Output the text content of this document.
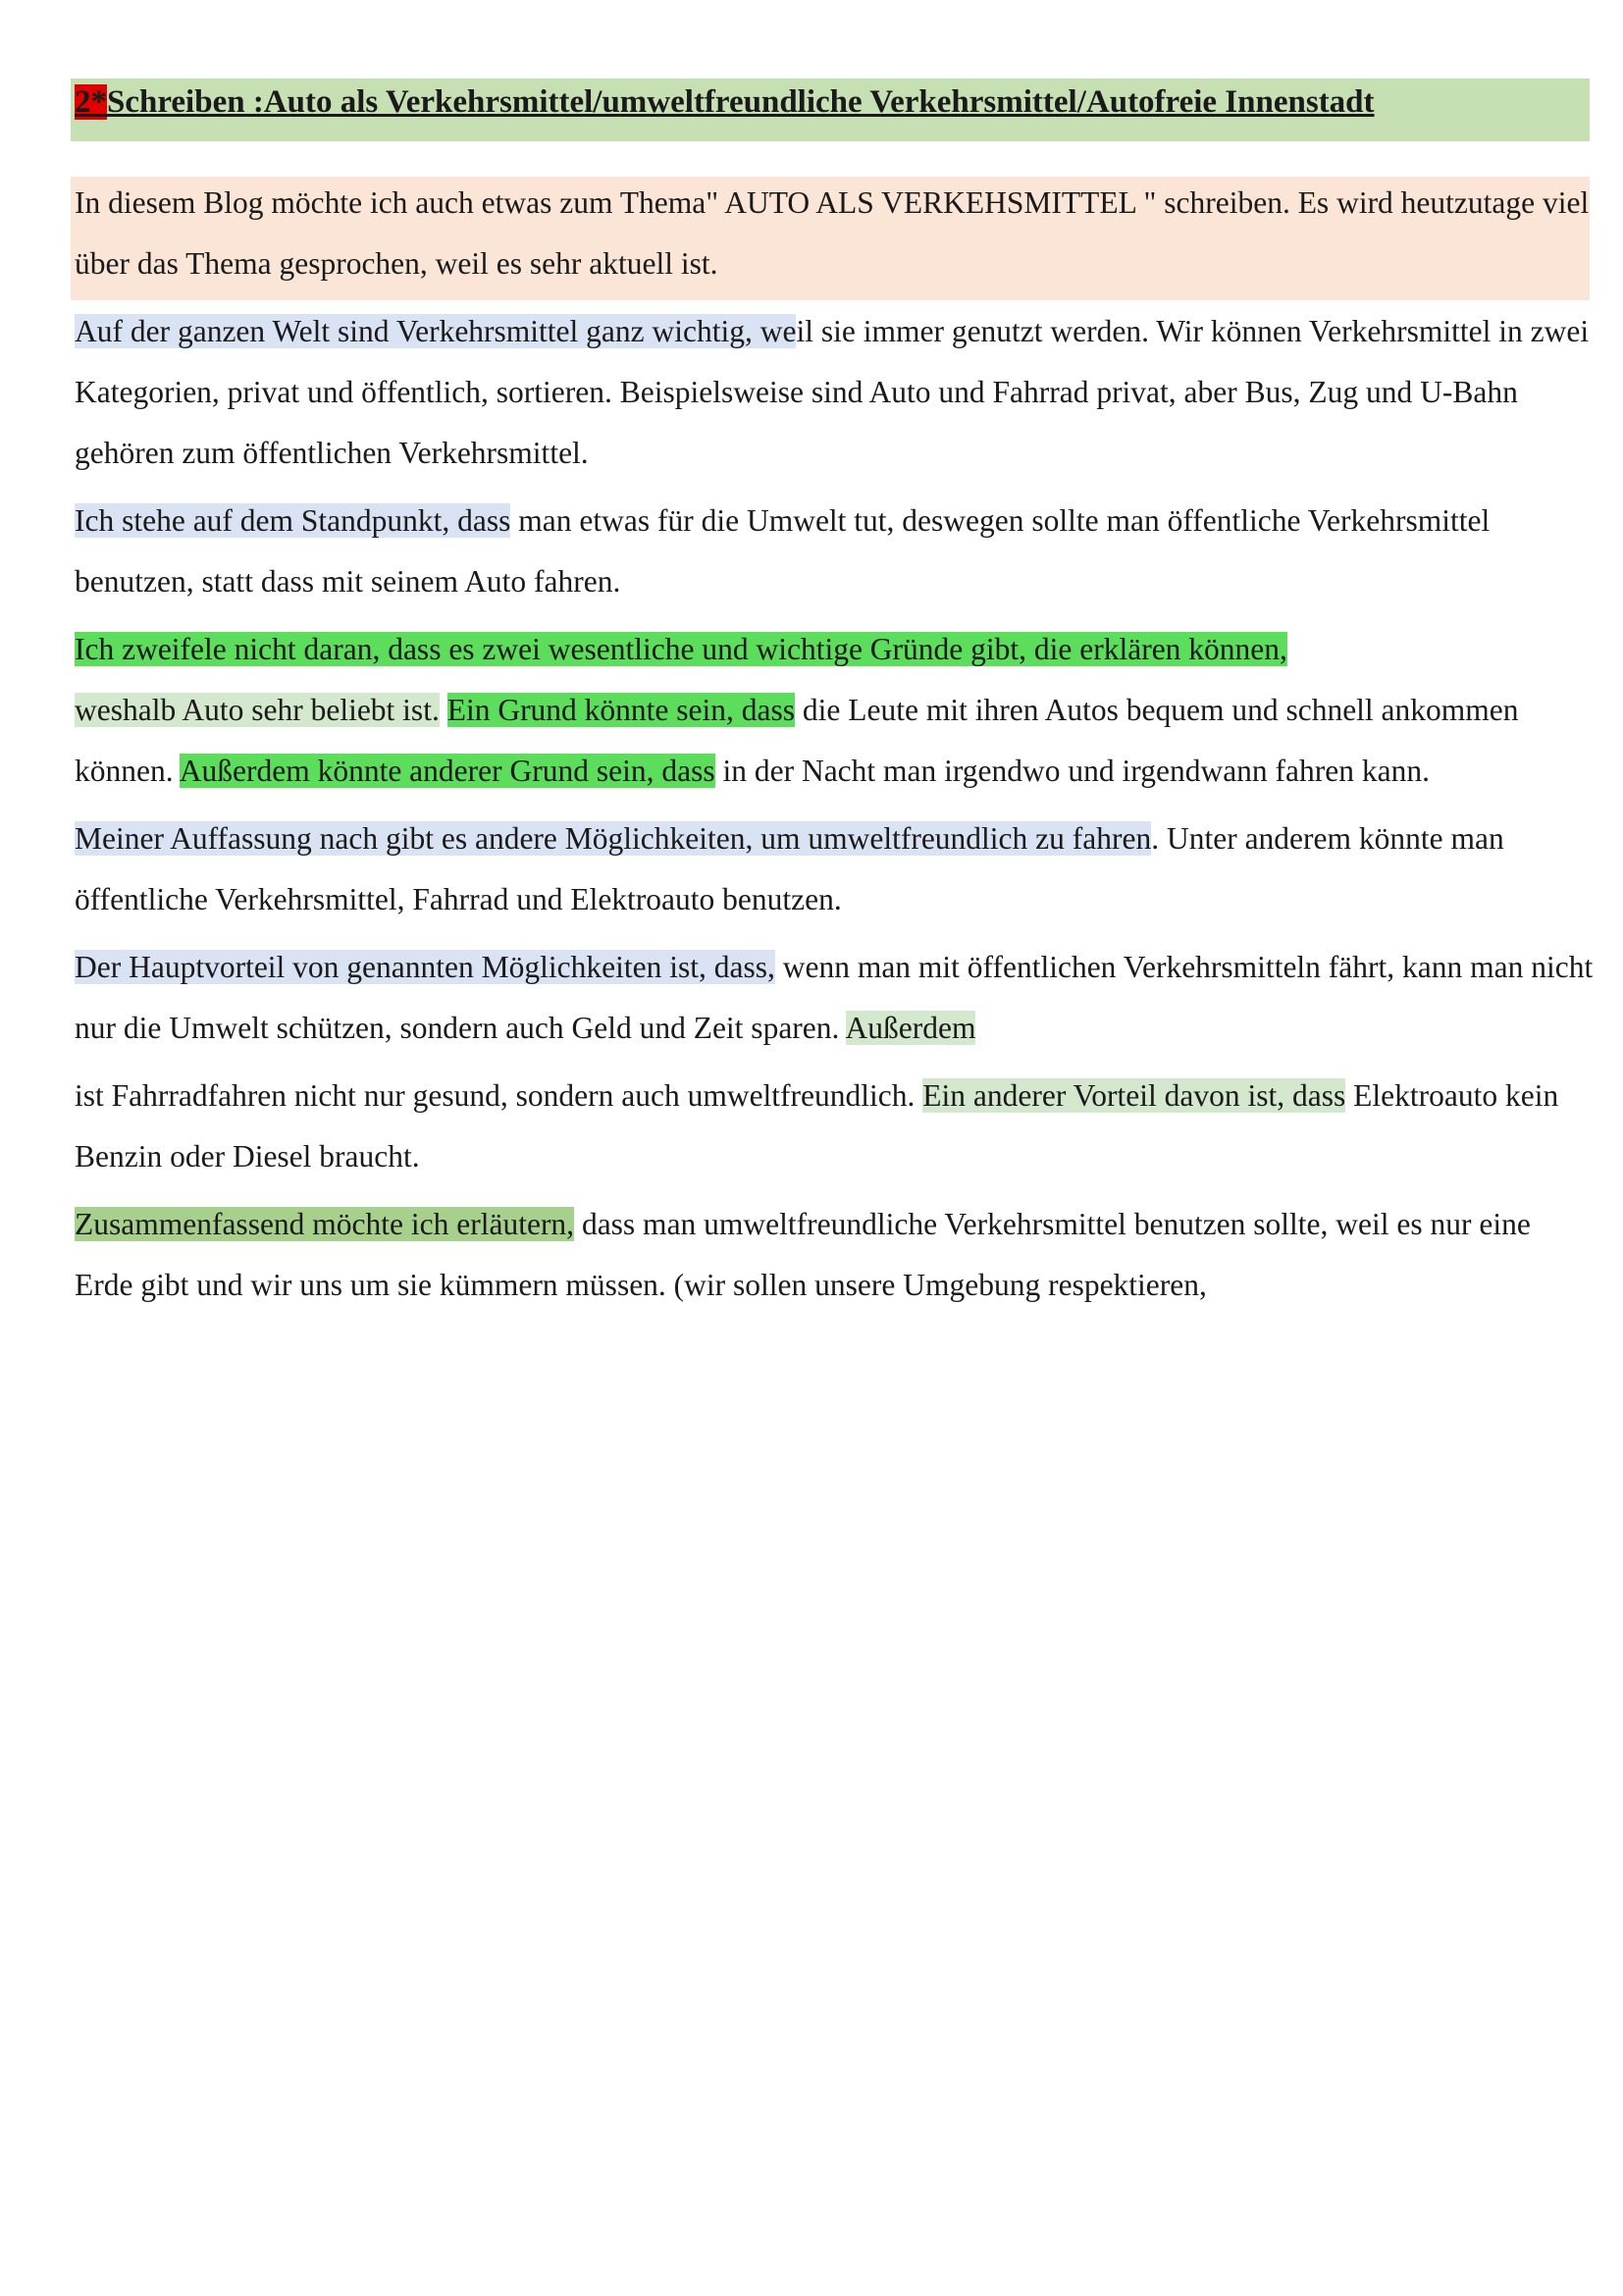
2*Schreiben :Auto als Verkehrsmittel/umweltfreundliche Verkehrsmittel/Autofreie Innenstadt

In diesem Blog möchte ich auch etwas zum Thema" AUTO ALS VERKEHSMITTEL " schreiben. Es wird heutzutage viel über das Thema gesprochen, weil es sehr aktuell ist.

Auf der ganzen Welt sind Verkehrsmittel ganz wichtig, weil sie immer genutzt werden. Wir können Verkehrsmittel in zwei Kategorien, privat und öffentlich, sortieren. Beispielsweise sind Auto und Fahrrad privat, aber Bus, Zug und U-Bahn gehören zum öffentlichen Verkehrsmittel.

Ich stehe auf dem Standpunkt, dass man etwas für die Umwelt tut, deswegen sollte man öffentliche Verkehrsmittel benutzen, statt dass mit seinem Auto fahren.

Ich zweifele nicht daran, dass es zwei wesentliche und wichtige Gründe gibt, die erklären können,
weshalb Auto sehr beliebt ist. Ein Grund könnte sein, dass die Leute mit ihren Autos bequem und schnell ankommen können. Außerdem könnte anderer Grund sein, dass in der Nacht man irgendwo und irgendwann fahren kann.

Meiner Auffassung nach gibt es andere Möglichkeiten, um umweltfreundlich zu fahren. Unter anderem könnte man öffentliche Verkehrsmittel, Fahrrad und Elektroauto benutzen.

Der Hauptvorteil von genannten Möglichkeiten ist, dass, wenn man mit öffentlichen Verkehrsmitteln fährt, kann man nicht nur die Umwelt schützen, sondern auch Geld und Zeit sparen. Außerdem

ist Fahrradfahren nicht nur gesund, sondern auch umweltfreundlich. Ein anderer Vorteil davon ist, dass Elektroauto kein Benzin oder Diesel braucht.

Zusammenfassend möchte ich erläutern, dass man umweltfreundliche Verkehrsmittel benutzen sollte, weil es nur eine Erde gibt und wir uns um sie kümmern müssen. (wir sollen unsere Umgebung respektieren,
